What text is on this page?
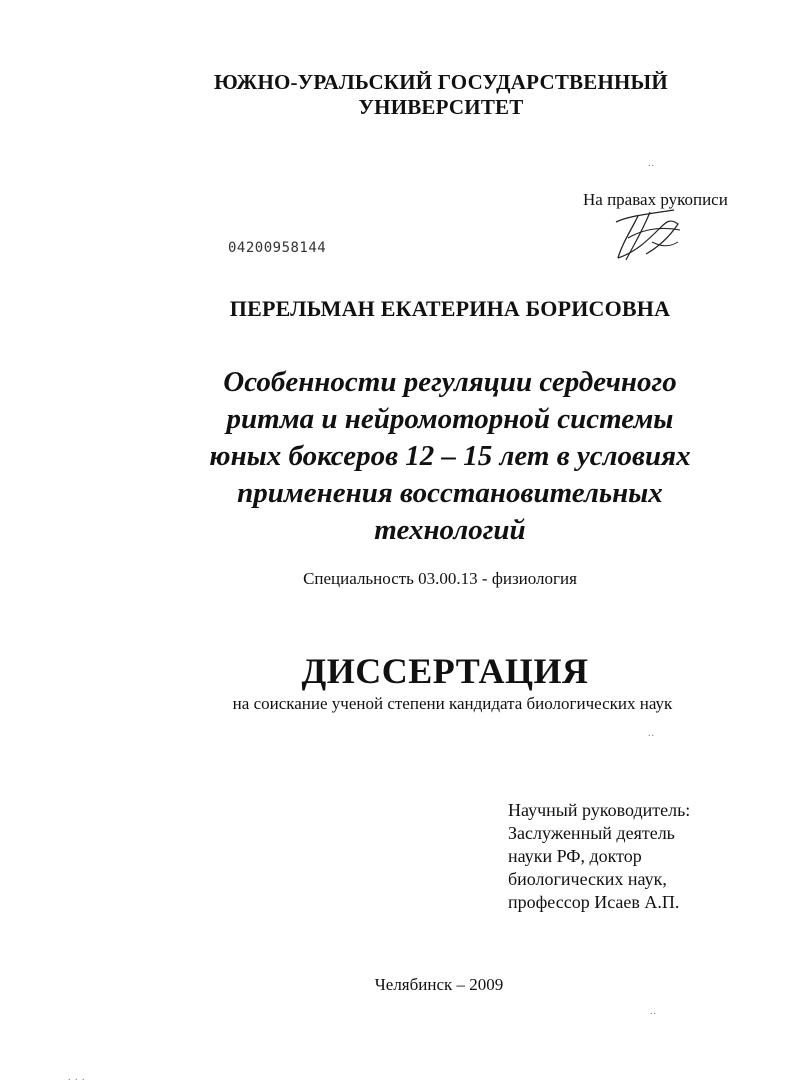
ЮЖНО-УРАЛЬСКИЙ ГОСУДАРСТВЕННЫЙ
УНИВЕРСИТЕТ
..
На правах рукописи
04200958144
ПЕРЕЛЬМАН ЕКАТЕРИНА БОРИСОВНА
Особенности регуляции сердечного
ритма и нейромоторной системы
юных боксеров 12 – 15 лет в условиях
применения восстановительных
технологий
Специальность 03.00.13 - физиология
ДИССЕРТАЦИЯ
на соискание ученой степени кандидата биологических наук
..
Научный руководитель:
Заслуженный деятель
науки РФ, доктор
биологических наук,
профессор Исаев А.П.
Челябинск – 2009
..
. . .
